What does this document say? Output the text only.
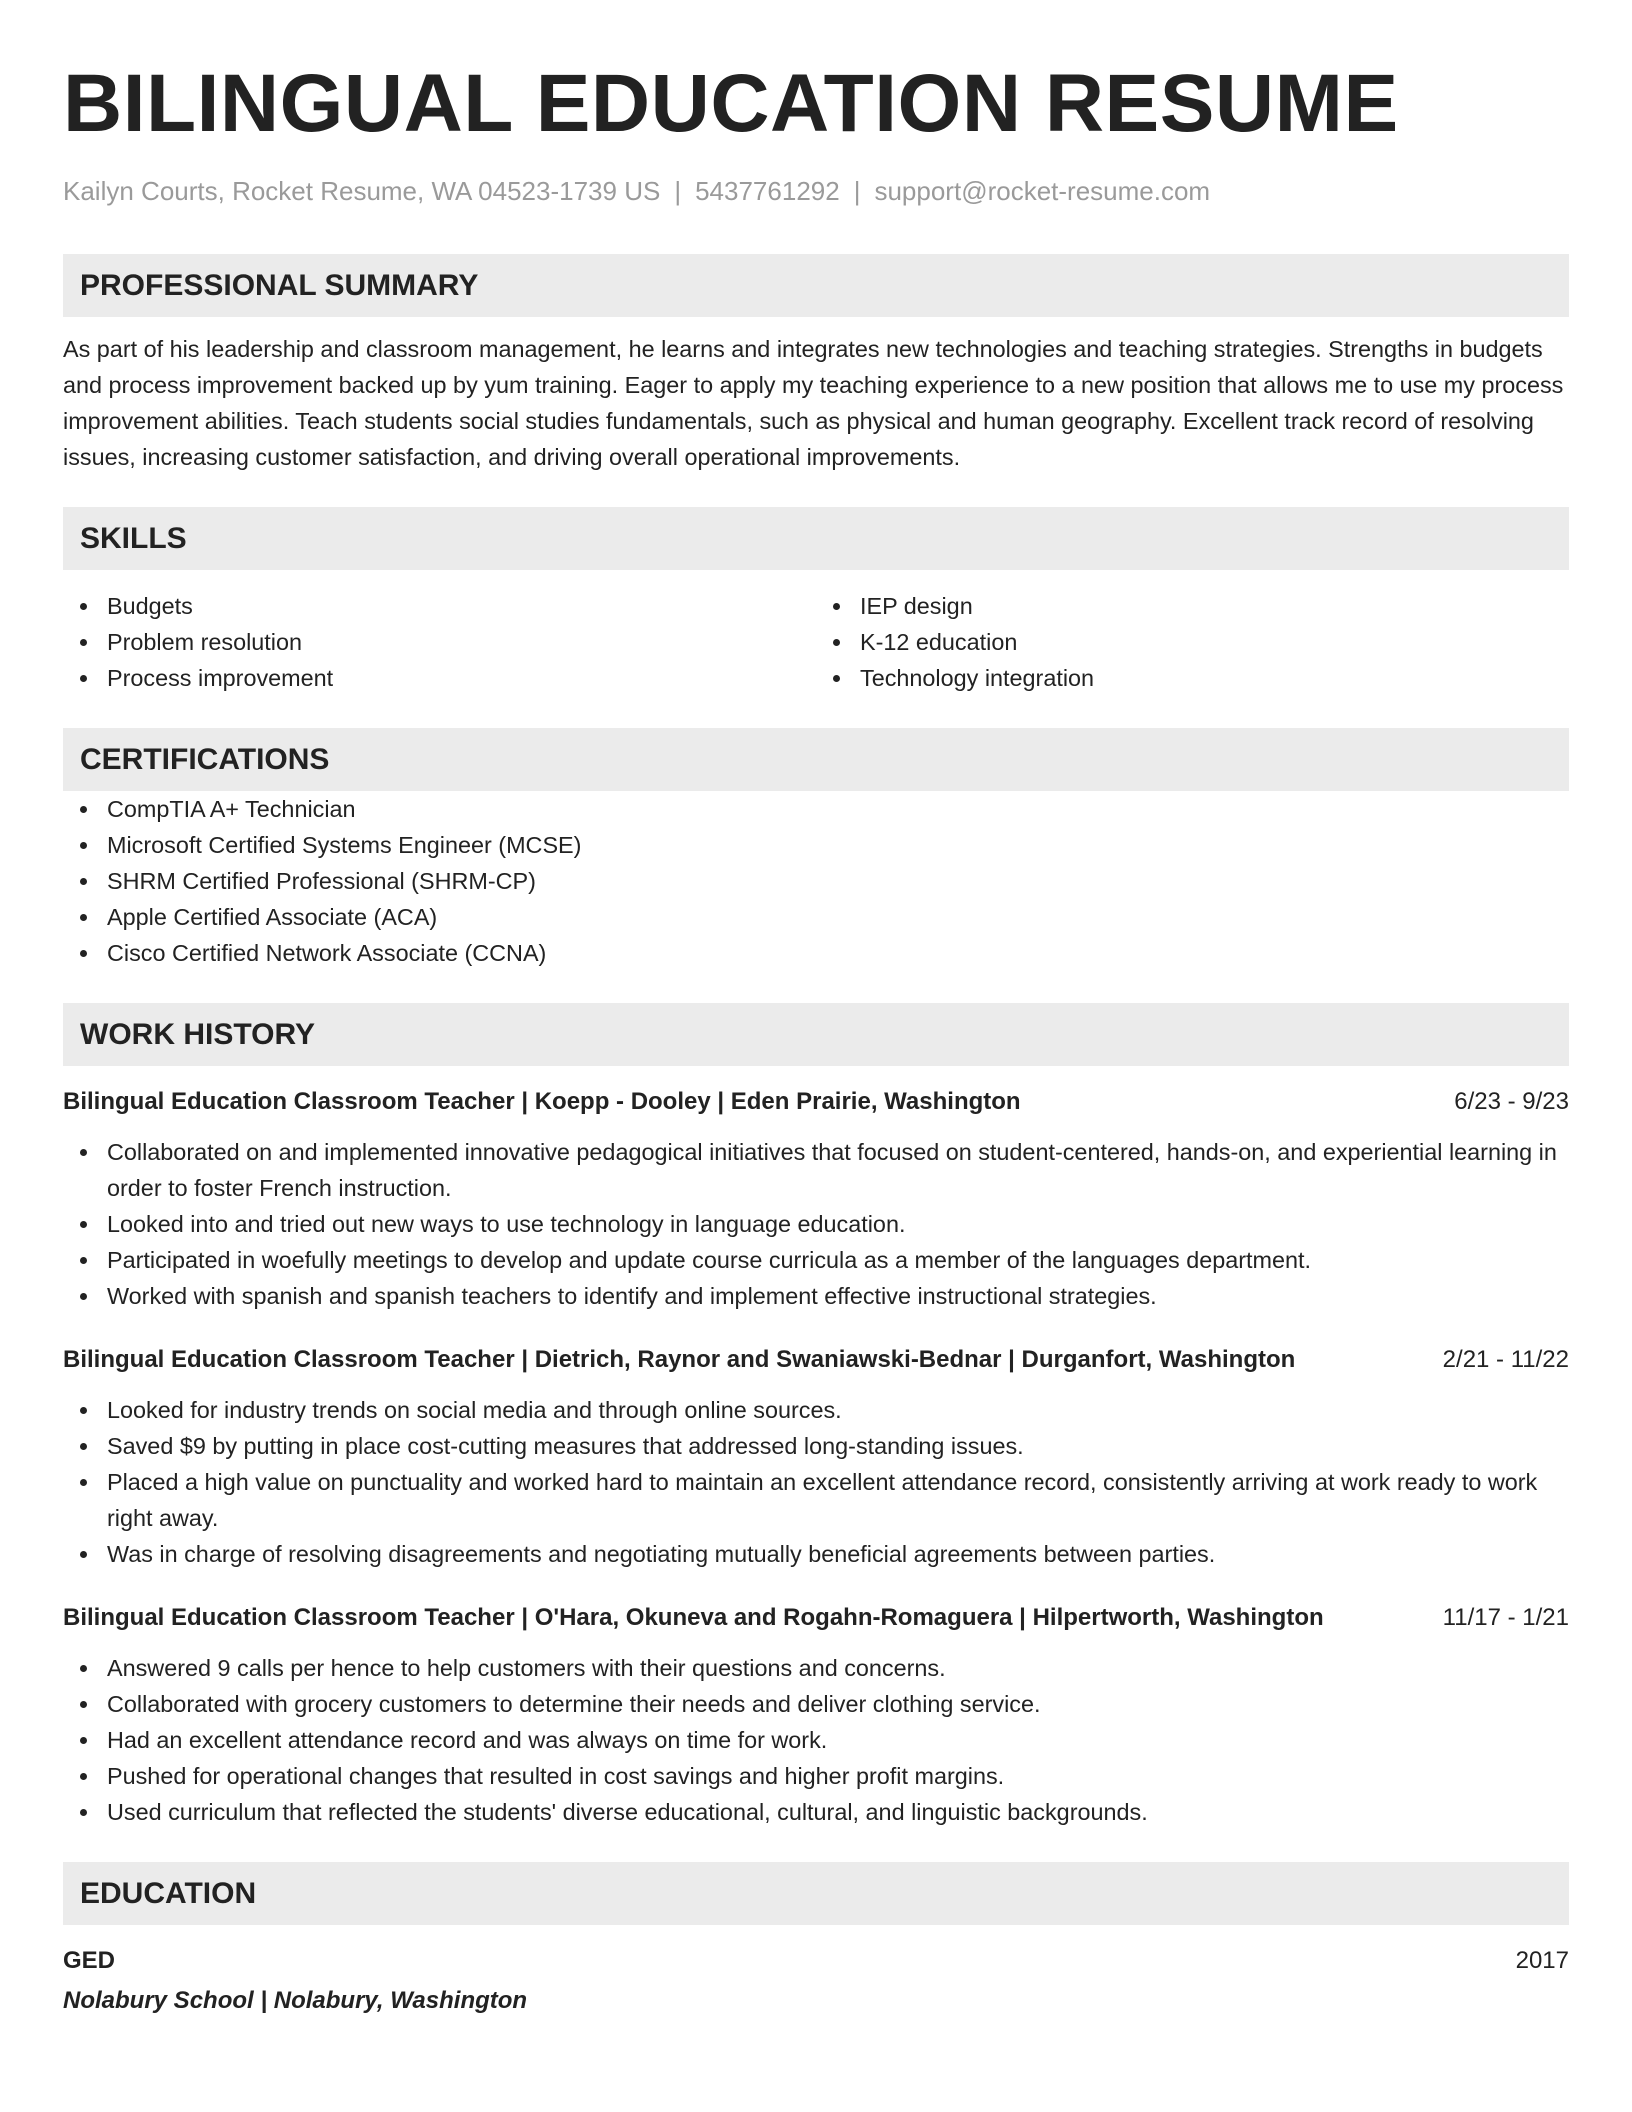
BILINGUAL EDUCATION RESUME
Kailyn Courts, Rocket Resume, WA 04523-1739 US | 5437761292 | support@rocket-resume.com
PROFESSIONAL SUMMARY
As part of his leadership and classroom management, he learns and integrates new technologies and teaching strategies. Strengths in budgets and process improvement backed up by yum training. Eager to apply my teaching experience to a new position that allows me to use my process improvement abilities. Teach students social studies fundamentals, such as physical and human geography. Excellent track record of resolving issues, increasing customer satisfaction, and driving overall operational improvements.
SKILLS
Budgets
Problem resolution
Process improvement
IEP design
K-12 education
Technology integration
CERTIFICATIONS
CompTIA A+ Technician
Microsoft Certified Systems Engineer (MCSE)
SHRM Certified Professional (SHRM-CP)
Apple Certified Associate (ACA)
Cisco Certified Network Associate (CCNA)
WORK HISTORY
Bilingual Education Classroom Teacher | Koepp - Dooley | Eden Prairie, Washington	6/23 - 9/23
Collaborated on and implemented innovative pedagogical initiatives that focused on student-centered, hands-on, and experiential learning in order to foster French instruction.
Looked into and tried out new ways to use technology in language education.
Participated in woefully meetings to develop and update course curricula as a member of the languages department.
Worked with spanish and spanish teachers to identify and implement effective instructional strategies.
Bilingual Education Classroom Teacher | Dietrich, Raynor and Swaniawski-Bednar | Durganfort, Washington	2/21 - 11/22
Looked for industry trends on social media and through online sources.
Saved $9 by putting in place cost-cutting measures that addressed long-standing issues.
Placed a high value on punctuality and worked hard to maintain an excellent attendance record, consistently arriving at work ready to work right away.
Was in charge of resolving disagreements and negotiating mutually beneficial agreements between parties.
Bilingual Education Classroom Teacher | O'Hara, Okuneva and Rogahn-Romaguera | Hilpertworth, Washington	11/17 - 1/21
Answered 9 calls per hence to help customers with their questions and concerns.
Collaborated with grocery customers to determine their needs and deliver clothing service.
Had an excellent attendance record and was always on time for work.
Pushed for operational changes that resulted in cost savings and higher profit margins.
Used curriculum that reflected the students' diverse educational, cultural, and linguistic backgrounds.
EDUCATION
GED	2017
Nolabury School | Nolabury, Washington
